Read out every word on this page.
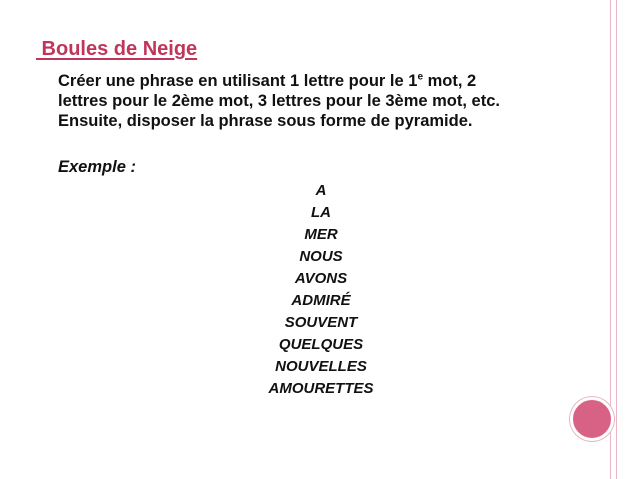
Boules de Neige
Créer une phrase en utilisant 1 lettre pour le 1e mot, 2
lettres pour le 2ème mot, 3 lettres pour le 3ème mot, etc.
Ensuite, disposer la phrase sous forme de pyramide.
Exemple :
A
LA
MER
NOUS
AVONS
ADMIRÉ
SOUVENT
QUELQUES
NOUVELLES
AMOURETTES
